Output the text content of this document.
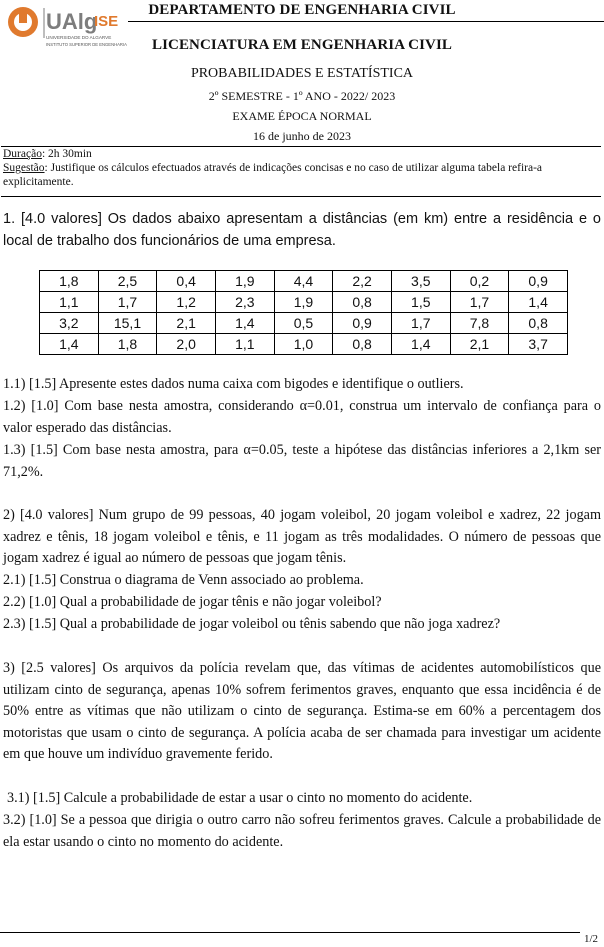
UAlg
ISE
UNIVERSIDADE DO ALGARVE
INSTITUTO SUPERIOR DE ENGENHARIA
DEPARTAMENTO DE ENGENHARIA CIVIL
LICENCIATURA EM ENGENHARIA CIVIL
PROBABILIDADES E ESTATÍSTICA
2º SEMESTRE - 1º ANO - 2022/ 2023
EXAME ÉPOCA NORMAL
16 de junho de 2023
Duração: 2h 30min
Sugestão: Justifique os cálculos efectuados através de indicações concisas e no caso de utilizar alguma tabela refira-a explicitamente.
1. [4.0 valores] Os dados abaixo apresentam a distâncias (em km) entre a residência e o local de trabalho dos funcionários de uma empresa.
1,8	2,5	0,4	1,9	4,4	2,2	3,5	0,2	0,9
1,1	1,7	1,2	2,3	1,9	0,8	1,5	1,7	1,4
3,2	15,1	2,1	1,4	0,5	0,9	1,7	7,8	0,8
1,4	1,8	2,0	1,1	1,0	0,8	1,4	2,1	3,7
1.1) [1.5] Apresente estes dados numa caixa com bigodes e identifique o outliers.
1.2) [1.0] Com base nesta amostra, considerando α=0.01, construa um intervalo de confiança para o valor esperado das distâncias.
1.3) [1.5] Com base nesta amostra, para α=0.05, teste a hipótese das distâncias inferiores a 2,1km ser 71,2%.
2) [4.0 valores] Num grupo de 99 pessoas, 40 jogam voleibol, 20 jogam voleibol e xadrez, 22 jogam xadrez e tênis, 18 jogam voleibol e tênis, e 11 jogam as três modalidades. O número de pessoas que jogam xadrez é igual ao número de pessoas que jogam tênis.
2.1) [1.5] Construa o diagrama de Venn associado ao problema.
2.2) [1.0] Qual a probabilidade de jogar tênis e não jogar voleibol?
2.3) [1.5] Qual a probabilidade de jogar voleibol ou tênis sabendo que não joga xadrez?
3) [2.5 valores] Os arquivos da polícia revelam que, das vítimas de acidentes automobilísticos que utilizam cinto de segurança, apenas 10% sofrem ferimentos graves, enquanto que essa incidência é de 50% entre as vítimas que não utilizam o cinto de segurança. Estima-se em 60% a percentagem dos motoristas que usam o cinto de segurança. A polícia acaba de ser chamada para investigar um acidente em que houve um indivíduo gravemente ferido.
3.1) [1.5] Calcule a probabilidade de estar a usar o cinto no momento do acidente.
3.2) [1.0] Se a pessoa que dirigia o outro carro não sofreu ferimentos graves. Calcule a probabilidade de ela estar usando o cinto no momento do acidente.
1/2
